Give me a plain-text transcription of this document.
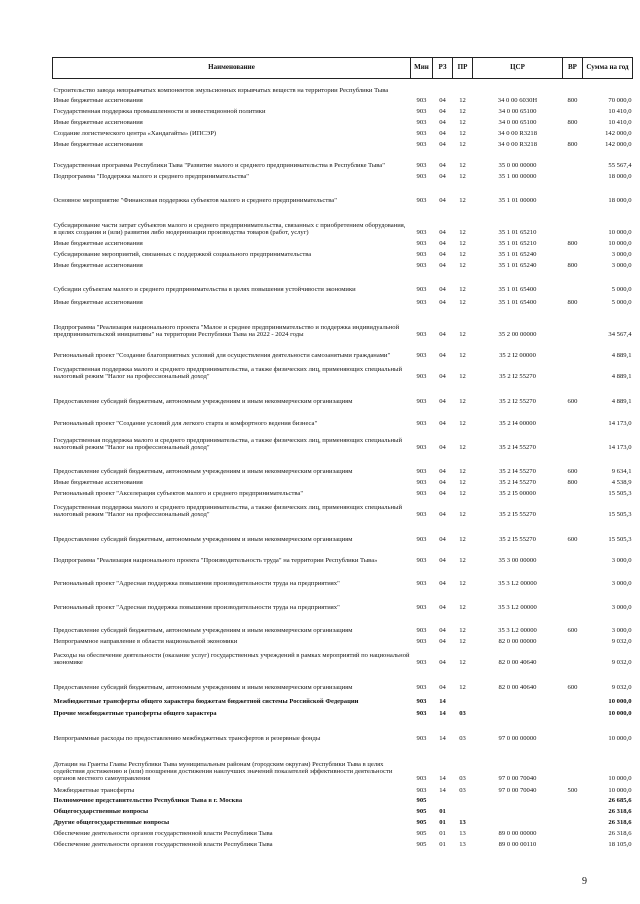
Наименование	Мин	РЗ	ПР	ЦСР	ВР	Сумма на год
Строительство завода невзрывчатых компонентов эмульсионных взрывчатых веществ на территории Республики Тыва						
Иные бюджетные ассигнования	903	04	12	34 0 00 6030Н	800	70 000,0
Государственная поддержка промышленности и инвестиционной политики	903	04	12	34 0 00 65100		10 410,0
Иные бюджетные ассигнования	903	04	12	34 0 00 65100	800	10 410,0
Создание логистического центра «Хандагайты» (ИПСЭР)	903	04	12	34 0 00 R3218		142 000,0
Иные бюджетные ассигнования	903	04	12	34 0 00 R3218	800	142 000,0
Государственная программа Республики Тыва "Развитие малого и среднего предпринимательства в Республике Тыва"	903	04	12	35 0 00 00000		55 567,4
Подпрограмма "Поддержка малого и среднего предпринимательства"	903	04	12	35 1 00 00000		18 000,0
Основное мероприятие "Финансовая поддержка субъектов малого и среднего предпринимательства"	903	04	12	35 1 01 00000		18 000,0
Субсидирование части затрат субъектов малого и среднего предпринимательства, связанных с приобретением оборудования, в целях создания и (или) развития либо модернизации производства товаров (работ, услуг)	903	04	12	35 1 01 65210		10 000,0
Иные бюджетные ассигнования	903	04	12	35 1 01 65210	800	10 000,0
Субсидирование мероприятий, связанных с поддержкой социального предпринимательства	903	04	12	35 1 01 65240		3 000,0
Иные бюджетные ассигнования	903	04	12	35 1 01 65240	800	3 000,0
Субсидии субъектам малого и среднего предпринимательства в целях повышения устойчивости экономики	903	04	12	35 1 01 65400		5 000,0
Иные бюджетные ассигнования	903	04	12	35 1 01 65400	800	5 000,0
Подпрограмма "Реализация национального проекта "Малое и среднее предпринимательство и поддержка индивидуальной предпринимательской инициативы" на территории Республики Тыва на 2022 - 2024 годы	903	04	12	35 2 00 00000		34 567,4
Региональный проект "Создание благоприятных условий для осуществления деятельности самозанятыми гражданами"	903	04	12	35 2 I2 00000		4 889,1
Государственная поддержка малого и среднего предпринимательства, а также физических лиц, применяющих специальный налоговый режим "Налог на профессиональный доход"	903	04	12	35 2 I2 55270		4 889,1
Предоставление субсидий бюджетным, автономным учреждениям и иным некоммерческим организациям	903	04	12	35 2 I2 55270	600	4 889,1
Региональный проект "Создание условий для легкого старта и комфортного ведения бизнеса"	903	04	12	35 2 I4 00000		14 173,0
Государственная поддержка малого и среднего предпринимательства, а также физических лиц, применяющих специальный налоговый режим "Налог на профессиональный доход"	903	04	12	35 2 I4 55270		14 173,0
Предоставление субсидий бюджетным, автономным учреждениям и иным некоммерческим организациям	903	04	12	35 2 I4 55270	600	9 634,1
Иные бюджетные ассигнования	903	04	12	35 2 I4 55270	800	4 538,9
Региональный проект "Акселерация субъектов малого и среднего предпринимательства"	903	04	12	35 2 I5 00000		15 505,3
Государственная поддержка малого и среднего предпринимательства, а также физических лиц, применяющих специальный налоговый режим "Налог на профессиональный доход"	903	04	12	35 2 I5 55270		15 505,3
Предоставление субсидий бюджетным, автономным учреждениям и иным некоммерческим организациям	903	04	12	35 2 I5 55270	600	15 505,3
Подпрограмма "Реализация национального проекта "Производительность труда" на территории Республики Тыва»	903	04	12	35 3 00 00000		3 000,0
Региональный проект "Адресная поддержка повышения производительности труда на предприятиях"	903	04	12	35 3 L2 00000		3 000,0
Региональный проект "Адресная поддержка повышения производительности труда на предприятиях"	903	04	12	35 3 L2 00000		3 000,0
Предоставление субсидий бюджетным, автономным учреждениям и иным некоммерческим организациям	903	04	12	35 3 L2 00000	600	3 000,0
Непрограммное направление в области национальной экономики	903	04	12	82 0 00 00000		9 032,0
Расходы на обеспечение деятельности (оказание услуг) государственных учреждений в рамках мероприятий по национальной экономике	903	04	12	82 0 00 40640		9 032,0
Предоставление субсидий бюджетным, автономным учреждениям и иным некоммерческим организациям	903	04	12	82 0 00 40640	600	9 032,0
Межбюджетные трансферты общего характера бюджетам бюджетной системы Российской Федерации	903	14				10 000,0
Прочие межбюджетные трансферты общего характера	903	14	03			10 000,0
Непрограммные расходы по предоставлению межбюджетных трансфертов и резервные фонды	903	14	03	97 0 00 00000		10 000,0
Дотации на Гранты Главы Республики Тыва муниципальным районам (городским округам) Республики Тыва в целях содействия достижению и (или) поощрения достижения наилучших значений показателей эффективности деятельности органов местного самоуправления	903	14	03	97 0 00 70040		10 000,0
Межбюджетные трансферты	903	14	03	97 0 00 70040	500	10 000,0
Полномочное представительство Республики Тыва в г. Москва	905					26 685,6
Общегосударственные вопросы	905	01				26 318,6
Другие общегосударственные вопросы	905	01	13			26 318,6
Обеспечение деятельности органов государственной власти Республики Тыва	905	01	13	89 0 00 00000		26 318,6
Обеспечение деятельности органов государственной власти Республики Тыва	905	01	13	89 0 00 00110		18 105,0
9
